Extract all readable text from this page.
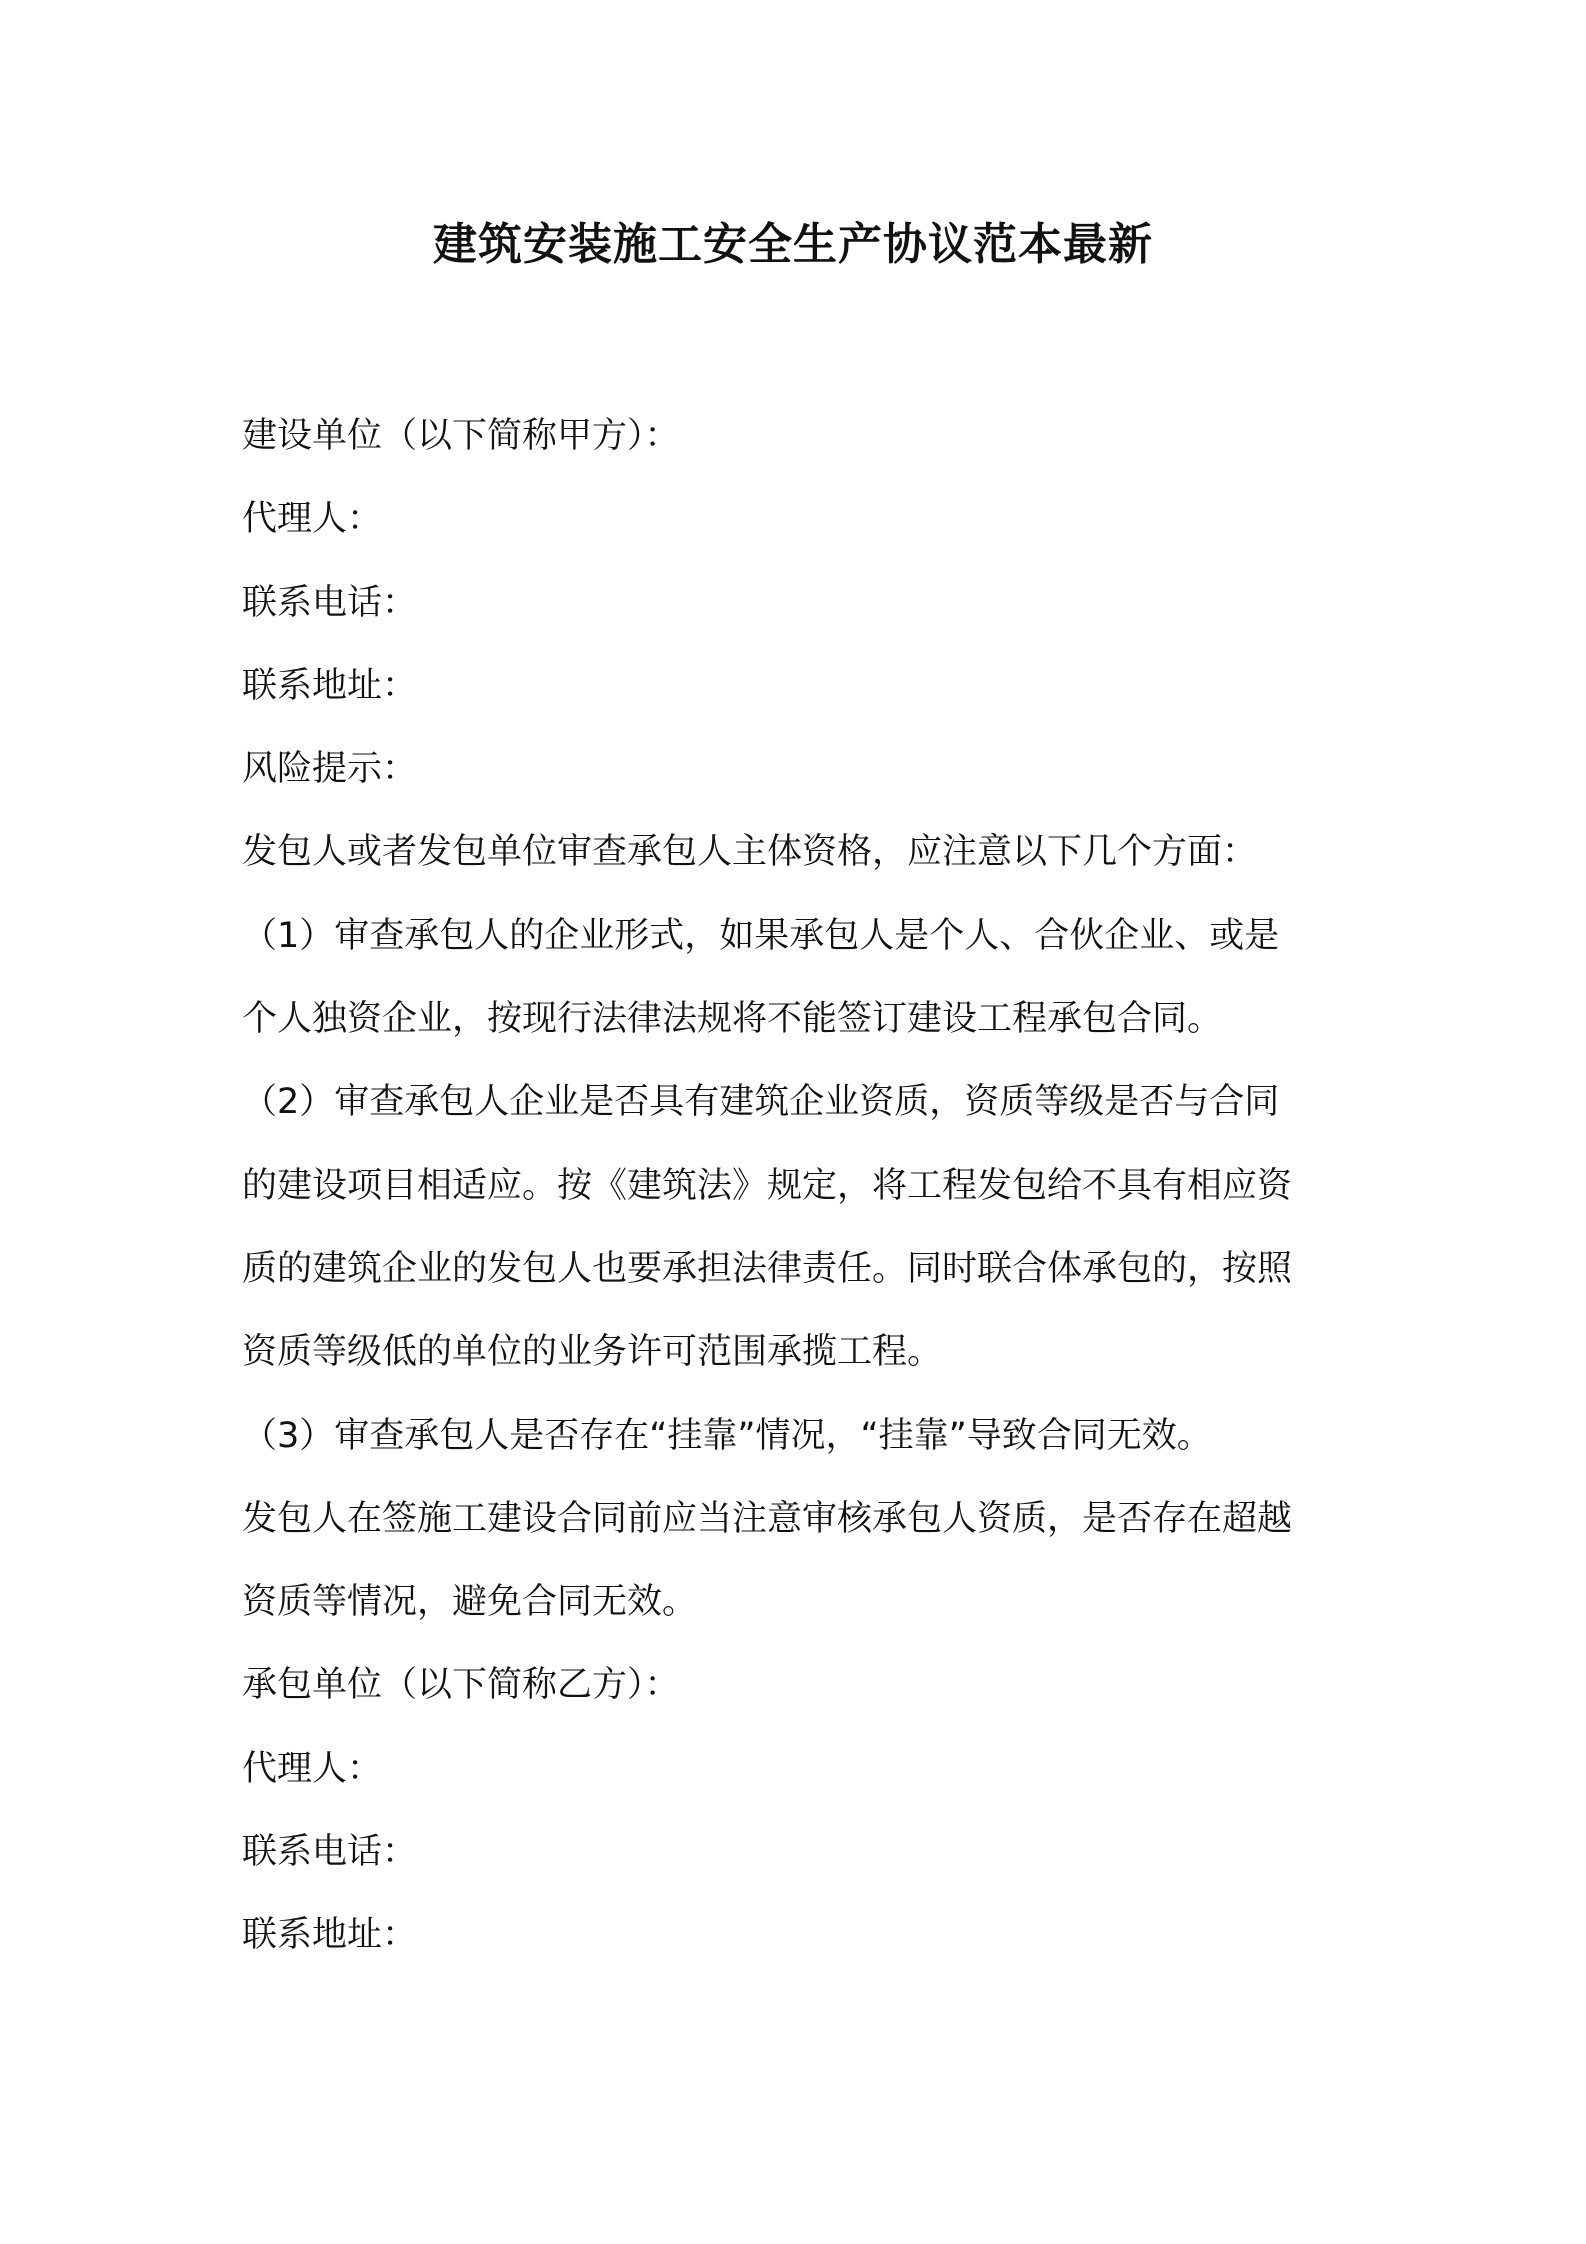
建筑安装施工安全生产协议范本最新

建设单位（以下简称甲方）：

代理人：

联系电话：

联系地址：

风险提示：

发包人或者发包单位审查承包人主体资格，应注意以下几个方面：

（1）审查承包人的企业形式，如果承包人是个人、合伙企业、或是

个人独资企业，按现行法律法规将不能签订建设工程承包合同。

（2）审查承包人企业是否具有建筑企业资质，资质等级是否与合同

的建设项目相适应。按《建筑法》规定，将工程发包给不具有相应资

质的建筑企业的发包人也要承担法律责任。同时联合体承包的，按照

资质等级低的单位的业务许可范围承揽工程。

（3）审查承包人是否存在“挂靠”情况，“挂靠”导致合同无效。

发包人在签施工建设合同前应当注意审核承包人资质，是否存在超越

资质等情况，避免合同无效。

承包单位（以下简称乙方）：

代理人：

联系电话：

联系地址：
